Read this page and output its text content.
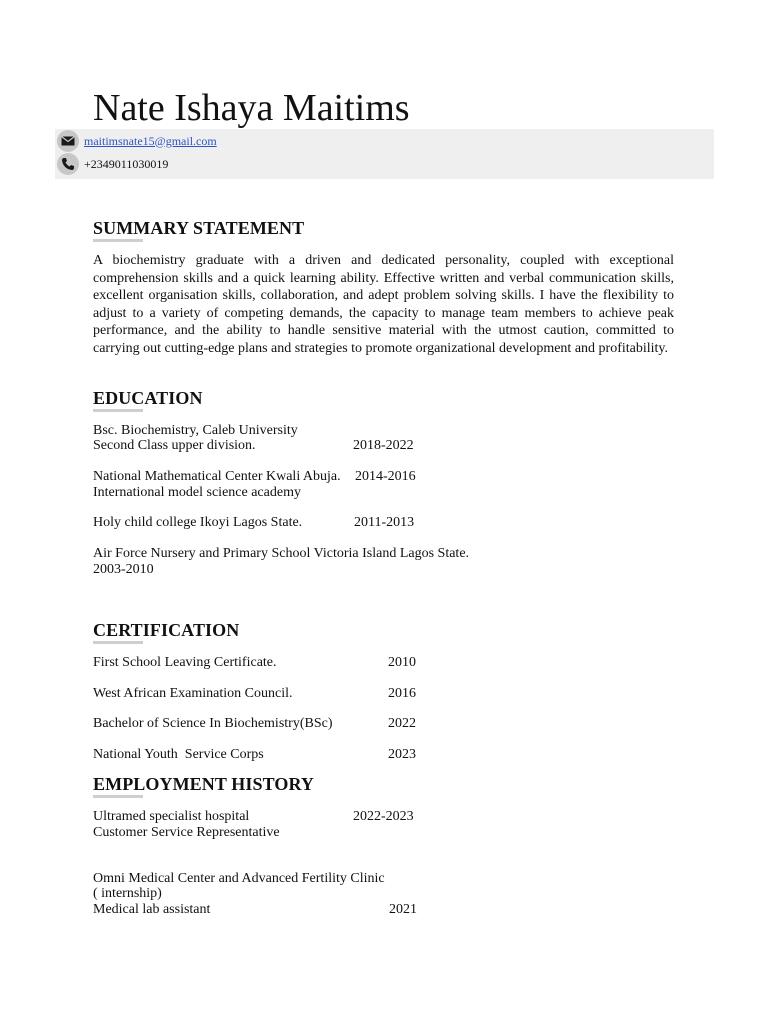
Nate Ishaya Maitims
maitimsnate15@gmail.com
+2349011030019
SUMMARY STATEMENT

A biochemistry graduate with a driven and dedicated personality, coupled with exceptional comprehension skills and a quick learning ability. Effective written and verbal communication skills, excellent organisation skills, collaboration, and adept problem solving skills. I have the flexibility to adjust to a variety of competing demands, the capacity to manage team members to achieve peak performance, and the ability to handle sensitive material with the utmost caution, committed to carrying out cutting-edge plans and strategies to promote organizational development and profitability.

EDUCATION
Bsc. Biochemistry, Caleb University
Second Class upper division.	2018-2022
National Mathematical Center Kwali Abuja. 2014-2016
International model science academy
Holy child college Ikoyi Lagos State.	2011-2013
Air Force Nursery and Primary School Victoria Island Lagos State.
2003-2010
CERTIFICATION
First School Leaving Certificate.	2010
West African Examination Council.	2016
Bachelor of Science In Biochemistry(BSc)	2022
National Youth  Service Corps	2023
EMPLOYMENT HISTORY
Ultramed specialist hospital	2022-2023
Customer Service Representative
Omni Medical Center and Advanced Fertility Clinic
( internship)
Medical lab assistant	2021
